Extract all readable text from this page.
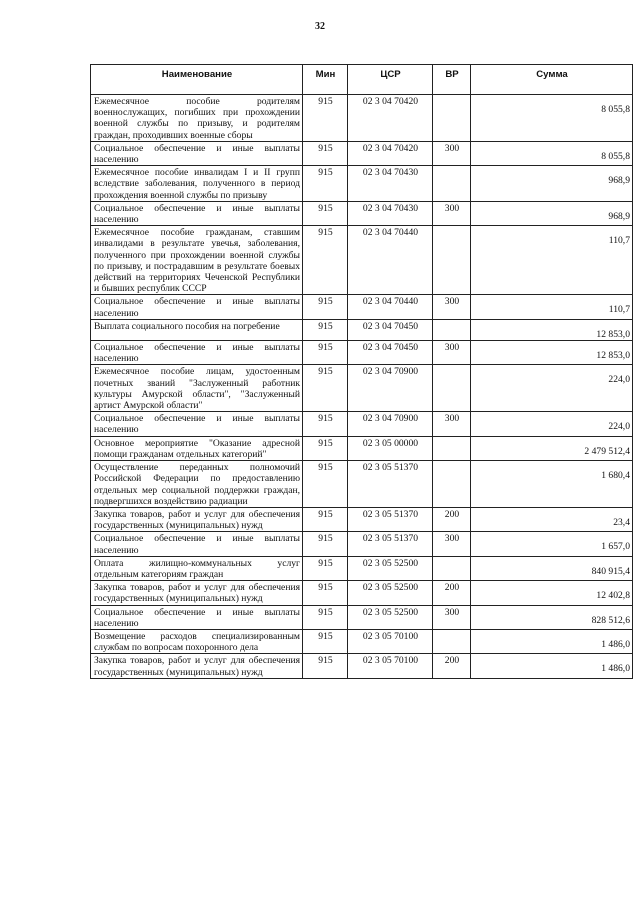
32
Наименование	Мин	ЦСР	ВР	Сумма
Ежемесячное пособие родителям военнослужащих, погибших при прохождении военной службы по призыву, и родителям граждан, проходивших военные сборы	915	02 3 04 70420		8 055,8

Социальное обеспечение и иные выплаты населению	915	02 3 04 70420	300	8 055,8

Ежемесячное пособие инвалидам I и II групп вследствие заболевания, полученного в период прохождения военной службы по призыву	915	02 3 04 70430		968,9

Социальное обеспечение и иные выплаты населению	915	02 3 04 70430	300	968,9

Ежемесячное пособие гражданам, ставшим инвалидами в результате увечья, заболевания, полученного при прохождении военной службы по призыву, и пострадавшим в результате боевых действий на территориях Чеченской Республики и бывших республик СССР	915	02 3 04 70440		110,7

Социальное обеспечение и иные выплаты населению	915	02 3 04 70440	300	110,7

Выплата социального пособия на погребение	915	02 3 04 70450		12 853,0

Социальное обеспечение и иные выплаты населению	915	02 3 04 70450	300	12 853,0

Ежемесячное пособие лицам, удостоенным почетных званий "Заслуженный работник культуры Амурской области", "Заслуженный артист Амурской области"	915	02 3 04 70900		224,0

Социальное обеспечение и иные выплаты населению	915	02 3 04 70900	300	224,0

Основное мероприятие "Оказание адресной помощи гражданам отдельных категорий"	915	02 3 05 00000		2 479 512,4

Осуществление переданных полномочий Российской Федерации по предоставлению отдельных мер социальной поддержки граждан, подвергшихся воздействию радиации	915	02 3 05 51370		1 680,4

Закупка товаров, работ и услуг для обеспечения государственных (муниципальных) нужд	915	02 3 05 51370	200	23,4

Социальное обеспечение и иные выплаты населению	915	02 3 05 51370	300	1 657,0

Оплата жилищно-коммунальных услуг отдельным категориям граждан	915	02 3 05 52500		840 915,4

Закупка товаров, работ и услуг для обеспечения государственных (муниципальных) нужд	915	02 3 05 52500	200	12 402,8

Социальное обеспечение и иные выплаты населению	915	02 3 05 52500	300	828 512,6

Возмещение расходов специализированным службам по вопросам похоронного дела	915	02 3 05 70100		1 486,0

Закупка товаров, работ и услуг для обеспечения государственных (муниципальных) нужд	915	02 3 05 70100	200	1 486,0
